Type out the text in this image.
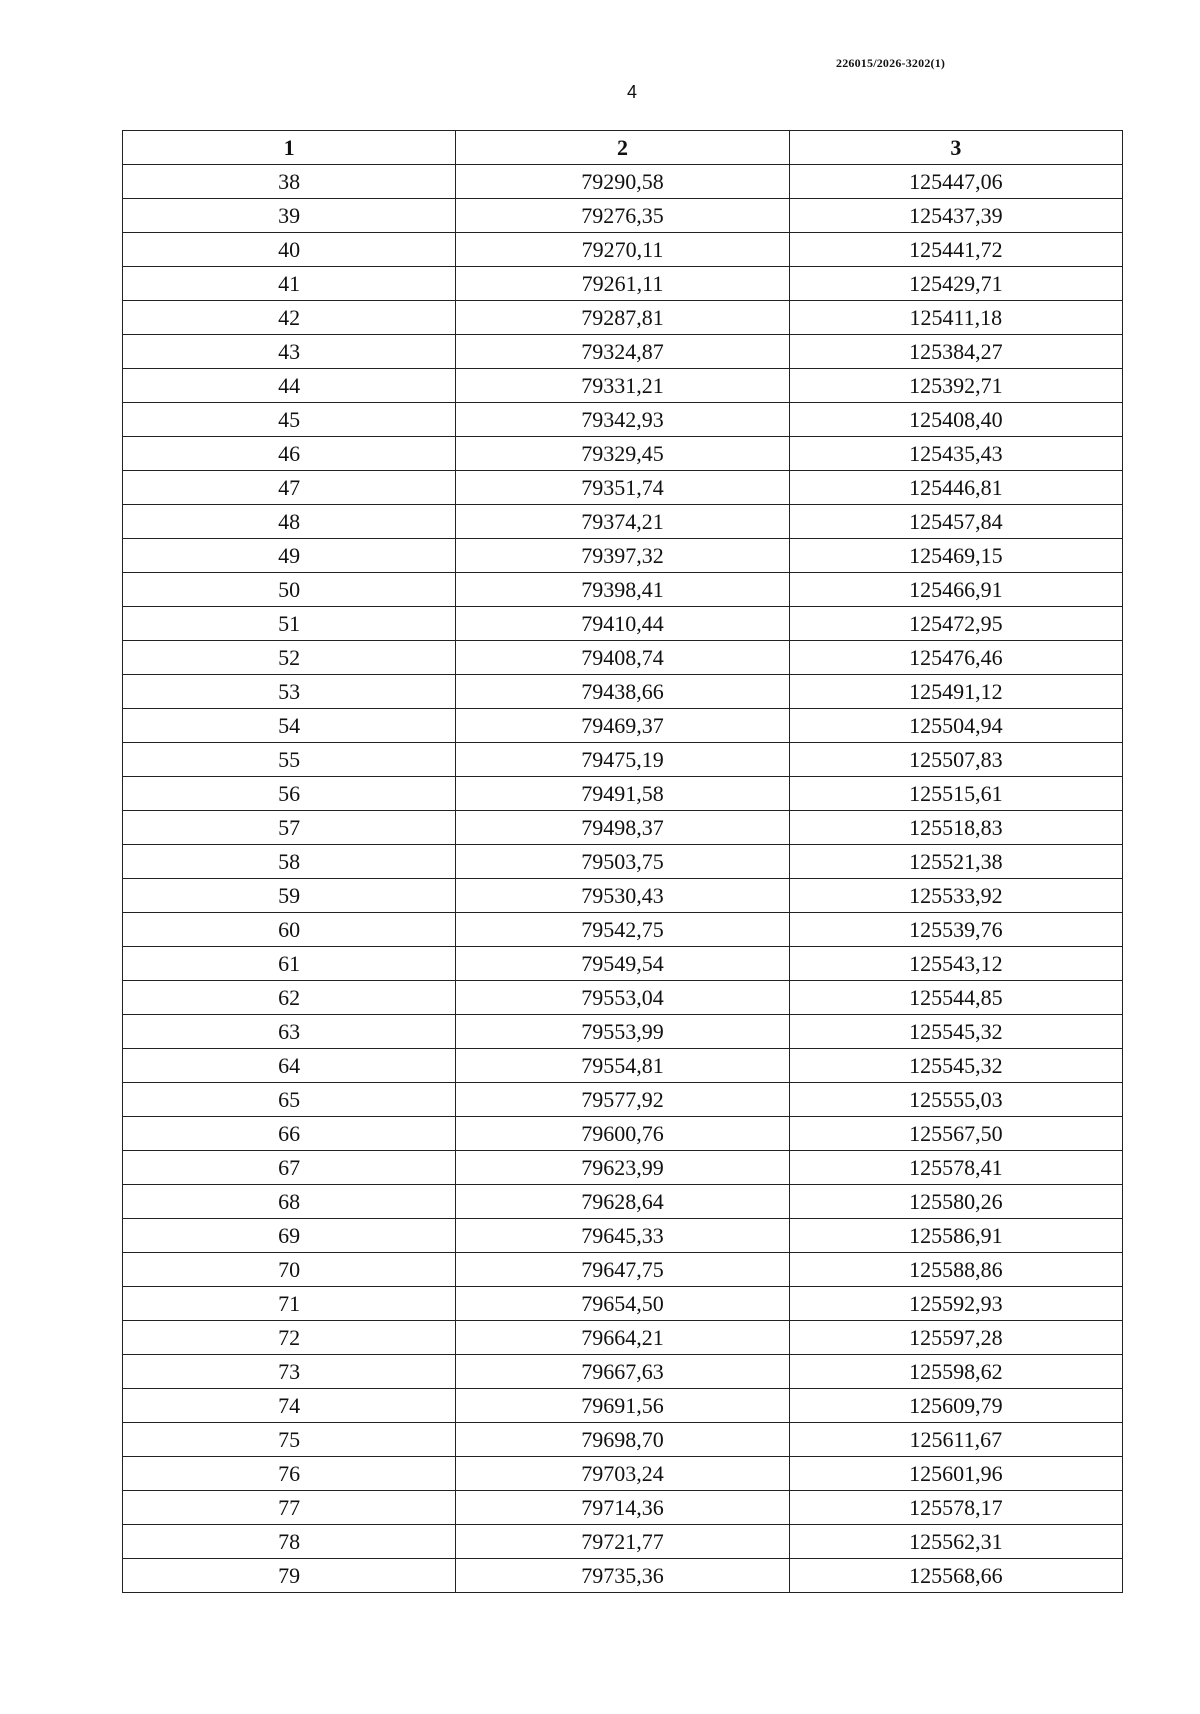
226015/2026-3202(1)
4
1	2	3
38	79290,58	125447,06
39	79276,35	125437,39
40	79270,11	125441,72
41	79261,11	125429,71
42	79287,81	125411,18
43	79324,87	125384,27
44	79331,21	125392,71
45	79342,93	125408,40
46	79329,45	125435,43
47	79351,74	125446,81
48	79374,21	125457,84
49	79397,32	125469,15
50	79398,41	125466,91
51	79410,44	125472,95
52	79408,74	125476,46
53	79438,66	125491,12
54	79469,37	125504,94
55	79475,19	125507,83
56	79491,58	125515,61
57	79498,37	125518,83
58	79503,75	125521,38
59	79530,43	125533,92
60	79542,75	125539,76
61	79549,54	125543,12
62	79553,04	125544,85
63	79553,99	125545,32
64	79554,81	125545,32
65	79577,92	125555,03
66	79600,76	125567,50
67	79623,99	125578,41
68	79628,64	125580,26
69	79645,33	125586,91
70	79647,75	125588,86
71	79654,50	125592,93
72	79664,21	125597,28
73	79667,63	125598,62
74	79691,56	125609,79
75	79698,70	125611,67
76	79703,24	125601,96
77	79714,36	125578,17
78	79721,77	125562,31
79	79735,36	125568,66
